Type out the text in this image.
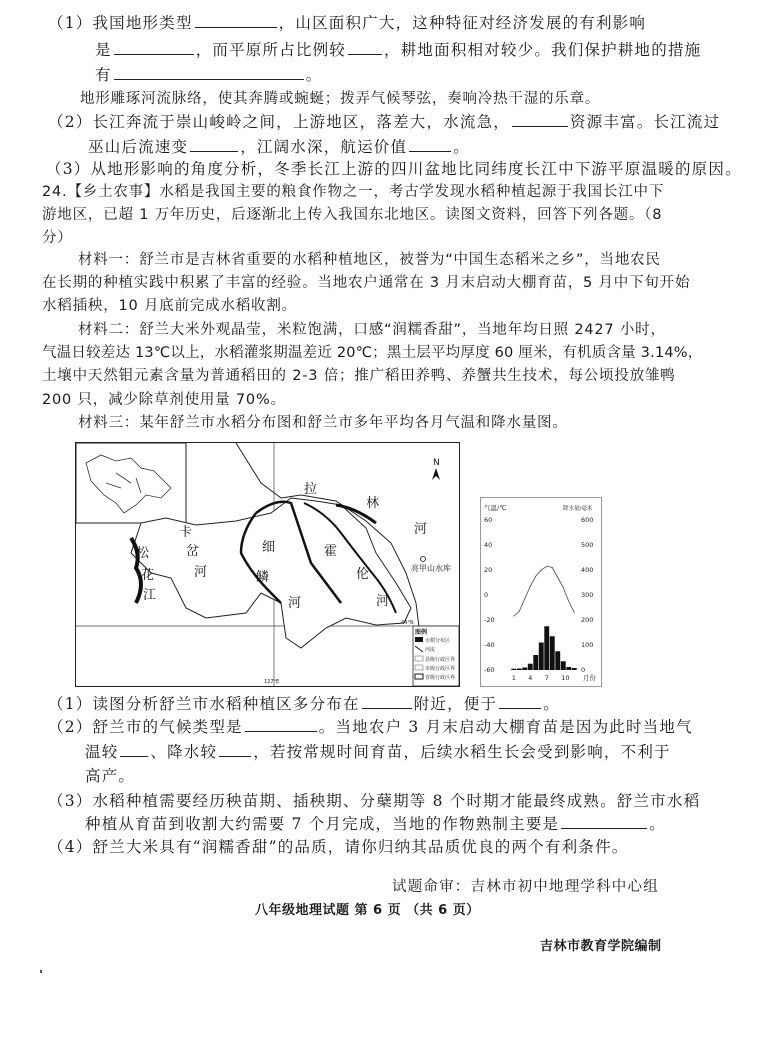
（1）我国地形类型	，山区面积广大，这种特征对经济发展的有利影响
是	，而平原所占比例较 ，耕地面积相对较少。我们保护耕地的措施
有	。
地形雕琢河流脉络，使其奔腾或蜿蜒；拨弄气候琴弦，奏响冷热干湿的乐章。
（2）长江奔流于崇山峻岭之间，上游地区，落差大，水流急，	资源丰富。长江流过
巫山后流速变	，江阔水深，航运价值	。
（3）从地形影响的角度分析，冬季长江上游的四川盆地比同纬度长江中下游平原温暖的原因。
24.【乡土农事】水稻是我国主要的粮食作物之一，考古学发现水稻种植起源于我国长江中下
游地区，已超 1 万年历史，后逐渐北上传入我国东北地区。读图文资料，回答下列各题。（8
分）
材料一：舒兰市是吉林省重要的水稻种植地区，被誉为“中国生态稻米之乡”，当地农民
在长期的种植实践中积累了丰富的经验。当地农户通常在 3 月末启动大棚育苗，5 月中下旬开始
水稻插秧，10 月底前完成水稻收割。
材料二：舒兰大米外观晶莹，米粒饱满，口感“润糯香甜”，当地年均日照 2427 小时，
气温日较差达 13℃以上，水稻灌浆期温差近 20℃；黑土层平均厚度 60 厘米，有机质含量 3.14%，
土壤中天然钼元素含量为普通稻田的 2-3 倍；推广稻田养鸭、养蟹共生技术，每公顷投放雏鸭
200 只，减少除草剂使用量 70%。
材料三：某年舒兰市水稻分布图和舒兰市多年平均各月气温和降水量图。
N
拉
林
河
松
花
江
卡
岔
河
细
鳞
河
霍
伦
河
亮甲山水库
44°N
127°E
图例
水稻分布区
河流
县级行政区界
市级行政区界
省级行政区界
气温/℃	降水量/毫米
月份
60
40
20
0
-20
-40
-60
600
500
400
300
200
100
0
1 4 7 10
（1）读图分析舒兰市水稻种植区多分布在	附近，便于	。
（2）舒兰市的气候类型是	。当地农户 3 月末启动大棚育苗是因为此时当地气
温较 、降水较 ，若按常规时间育苗，后续水稻生长会受到影响，不利于
高产。
（3）水稻种植需要经历秧苗期、插秧期、分蘖期等 8 个时期才能最终成熟。舒兰市水稻
种植从育苗到收割大约需要 7 个月完成，当地的作物熟制主要是	。
（4）舒兰大米具有“润糯香甜”的品质，请你归纳其品质优良的两个有利条件。
试题命审：吉林市初中地理学科中心组
八年级地理试题 第 6 页 （共 6 页）
吉林市教育学院编制
